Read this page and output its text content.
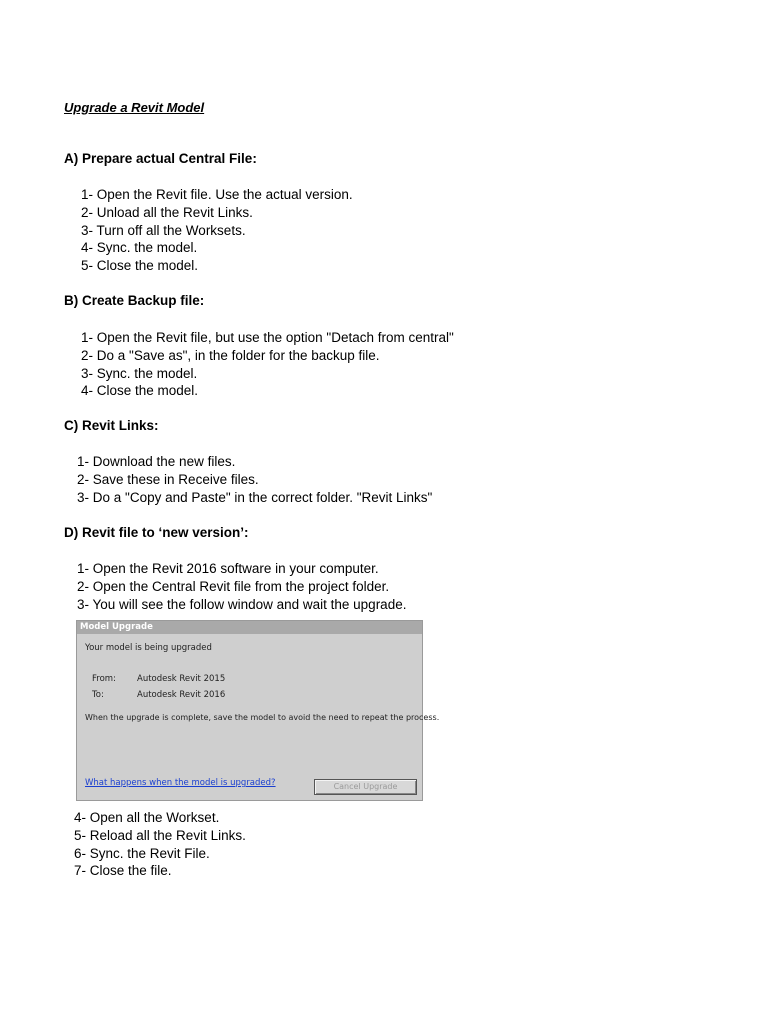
Upgrade a Revit Model
A) Prepare actual Central File:
1- Open the Revit file. Use the actual version.
2- Unload all the Revit Links.
3- Turn off all the Worksets.
4- Sync. the model.
5- Close the model.
B) Create Backup file:
1- Open the Revit file, but use the option "Detach from central"
2- Do a "Save as", in the folder for the backup file.
3- Sync. the model.
4- Close the model.
C) Revit Links:
1- Download the new files.
2- Save these in Receive files.
3- Do a "Copy and Paste" in the correct folder. "Revit Links"
D) Revit file to ‘new version’:
1- Open the Revit 2016 software in your computer.
2- Open the Central Revit file from the project folder.
3- You will see the follow window and wait the upgrade.
Model Upgrade
Your model is being upgraded
From: Autodesk Revit 2015
To:	Autodesk Revit 2016
When the upgrade is complete, save the model to avoid the need to repeat the process.
What happens when the model is upgraded?	Cancel Upgrade
4- Open all the Workset.
5- Reload all the Revit Links.
6- Sync. the Revit File.
7- Close the file.
